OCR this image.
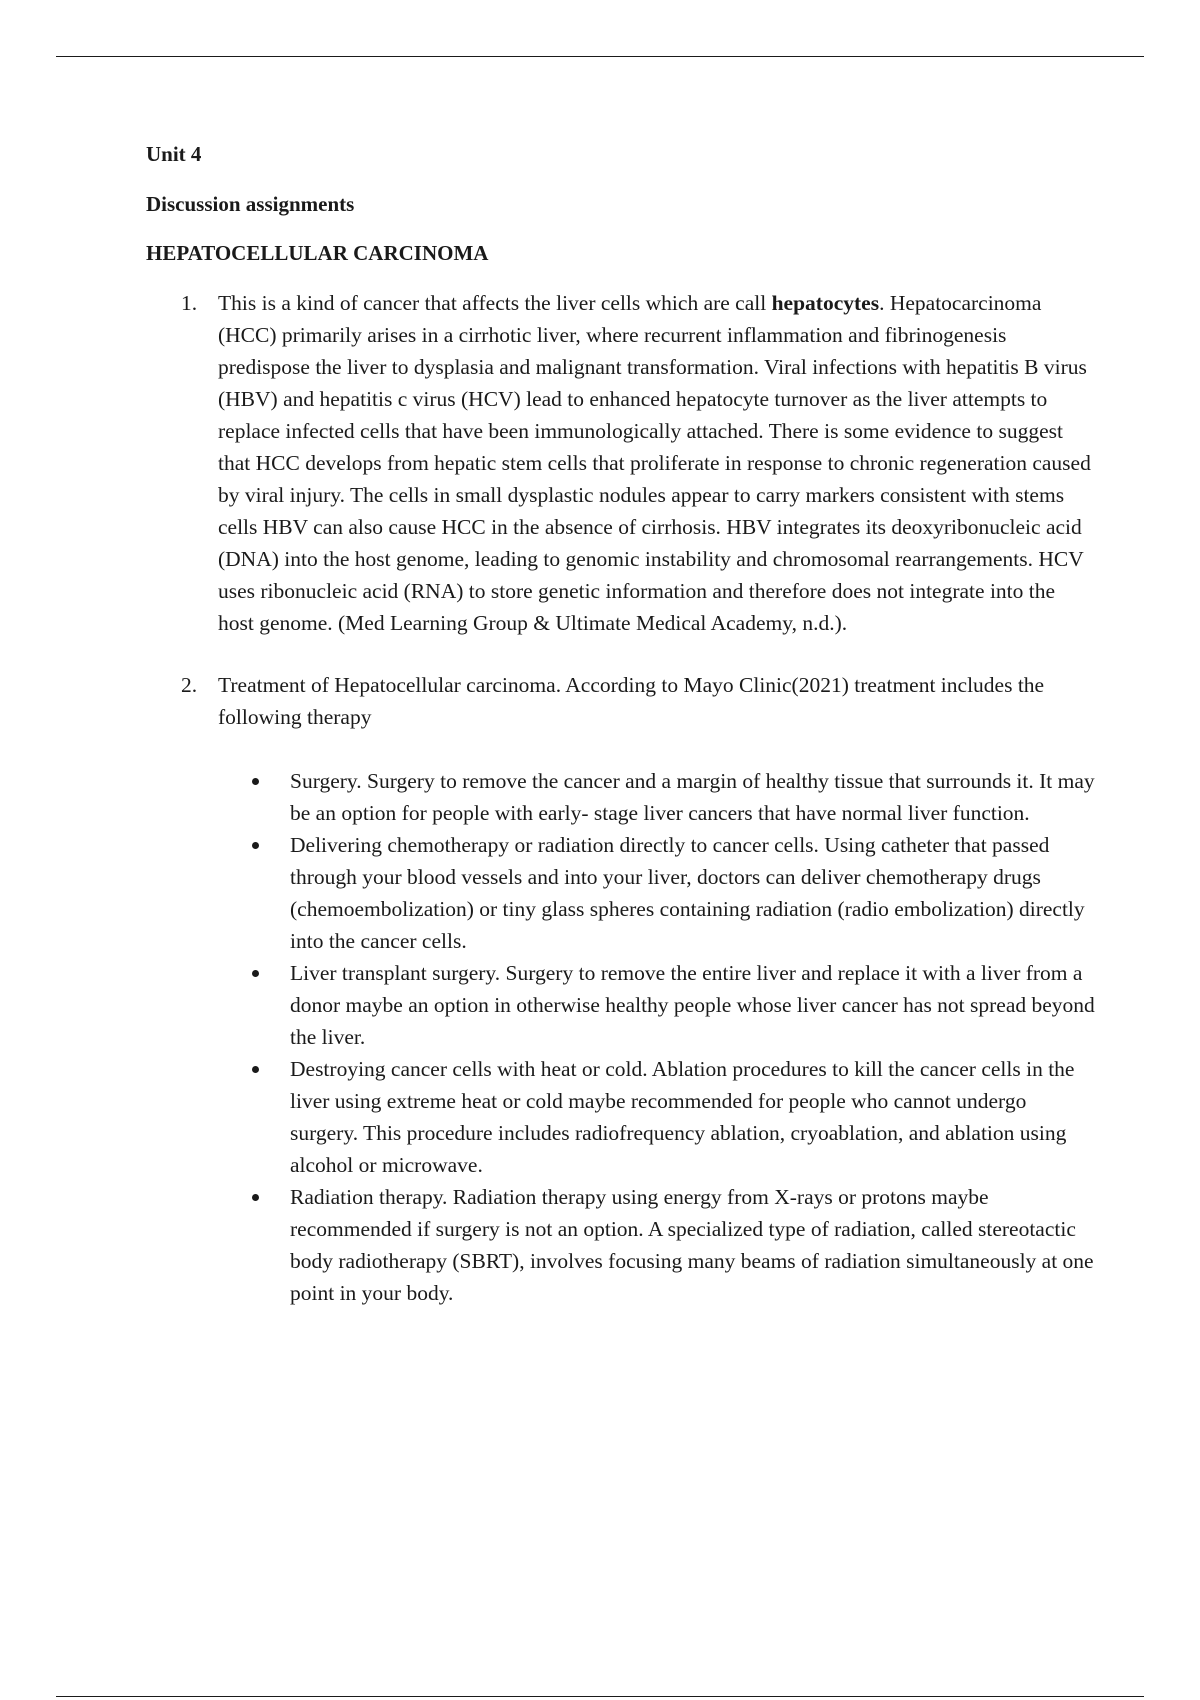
Unit 4

Discussion assignments

HEPATOCELLULAR CARCINOMA

1. This is a kind of cancer that affects the liver cells which are call hepatocytes. Hepatocarcinoma (HCC) primarily arises in a cirrhotic liver, where recurrent inflammation and fibrinogenesis predispose the liver to dysplasia and malignant transformation. Viral infections with hepatitis B virus (HBV) and hepatitis c virus (HCV) lead to enhanced hepatocyte turnover as the liver attempts to replace infected cells that have been immunologically attached. There is some evidence to suggest that HCC develops from hepatic stem cells that proliferate in response to chronic regeneration caused by viral injury. The cells in small dysplastic nodules appear to carry markers consistent with stems cells HBV can also cause HCC in the absence of cirrhosis. HBV integrates its deoxyribonucleic acid (DNA) into the host genome, leading to genomic instability and chromosomal rearrangements. HCV uses ribonucleic acid (RNA) to store genetic information and therefore does not integrate into the host genome. (Med Learning Group & Ultimate Medical Academy, n.d.).
2. Treatment of Hepatocellular carcinoma. According to Mayo Clinic(2021) treatment includes the following therapy
Surgery. Surgery to remove the cancer and a margin of healthy tissue that surrounds it. It may be an option for people with early- stage liver cancers that have normal liver function.
Delivering chemotherapy or radiation directly to cancer cells. Using catheter that passed through your blood vessels and into your liver, doctors can deliver chemotherapy drugs (chemoembolization) or tiny glass spheres containing radiation (radio embolization) directly into the cancer cells.
Liver transplant surgery. Surgery to remove the entire liver and replace it with a liver from a donor maybe an option in otherwise healthy people whose liver cancer has not spread beyond the liver.
Destroying cancer cells with heat or cold. Ablation procedures to kill the cancer cells in the liver using extreme heat or cold maybe recommended for people who cannot undergo surgery. This procedure includes radiofrequency ablation, cryoablation, and ablation using alcohol or microwave.
Radiation therapy. Radiation therapy using energy from X-rays or protons maybe recommended if surgery is not an option. A specialized type of radiation, called stereotactic body radiotherapy (SBRT), involves focusing many beams of radiation simultaneously at one point in your body.
